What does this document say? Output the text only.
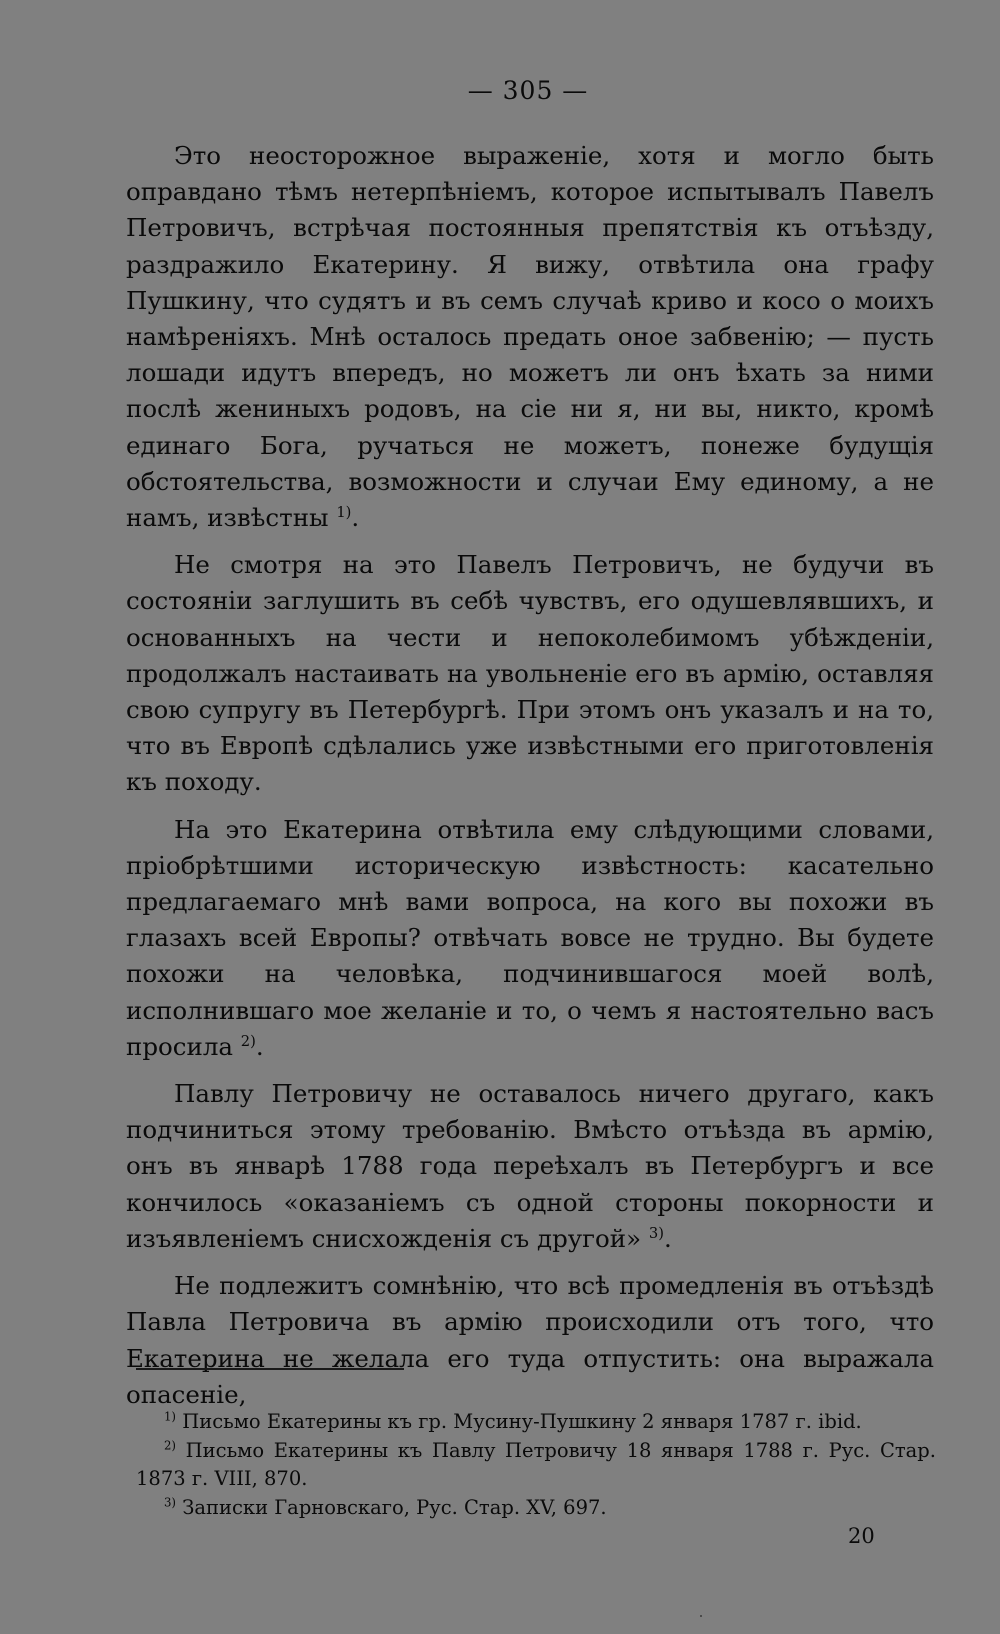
— 305 —

Это неосторожное выраженіе, хотя и могло быть оправдано тѣмъ нетерпѣніемъ, которое испытывалъ Павелъ Петровичъ, встрѣчая постоянныя препятствія къ отъѣзду, раздражило Екатерину. Я вижу, отвѣтила она графу Пушкину, что судятъ и въ семъ случаѣ криво и косо о моихъ намѣреніяхъ. Мнѣ осталось предать оное забвенію; — пусть лошади идутъ впередъ, но можетъ ли онъ ѣхать за ними послѣ жениныхъ родовъ, на сіе ни я, ни вы, никто, кромѣ единаго Бога, ручаться не можетъ, понеже будущія обстоятельства, возможности и случаи Ему единому, а не намъ, извѣстны $^{1)}$.

Не смотря на это Павелъ Петровичъ, не будучи въ состояніи заглушить въ себѣ чувствъ, его одушевлявшихъ, и основанныхъ на чести и непоколебимомъ убѣжденіи, продолжалъ настаивать на увольненіе его въ армію, оставляя свою супругу въ Петербургѣ. При этомъ онъ указалъ и на то, что въ Европѣ сдѣлались уже извѣстными его приготовленія къ походу.

На это Екатерина отвѣтила ему слѣдующими словами, пріобрѣтшими историческую извѣстность: касательно предлагаемаго мнѣ вами вопроса, на кого вы похожи въ глазахъ всей Европы? отвѣчать вовсе не трудно. Вы будете похожи на человѣка, подчинившагося моей волѣ, исполнившаго мое желаніе и то, о чемъ я настоятельно васъ просила $^{2)}$.

Павлу Петровичу не оставалось ничего другаго, какъ подчиниться этому требованію. Вмѣсто отъѣзда въ армію, онъ въ январѣ 1788 года переѣхалъ въ Петербургъ и все кончилось «оказаніемъ съ одной стороны покорности и изъявленіемъ снисхожденія съ другой» $^{3)}$.

Не подлежитъ сомнѣнію, что всѣ промедленія въ отъѣздѣ Павла Петровича въ армію происходили отъ того, что Екатерина не желала его туда отпустить: она выражала опасеніе,

$^{1)}$ Письмо Екатерины къ гр. Мусину-Пушкину 2 января 1787 г. ibid.

$^{2)}$ Письмо Екатерины къ Павлу Петровичу 18 января 1788 г. Рус. Стар. 1873 г. VIII, 870.

$^{3)}$ Записки Гарновскаго, Рус. Стар. XV, 697.

20
